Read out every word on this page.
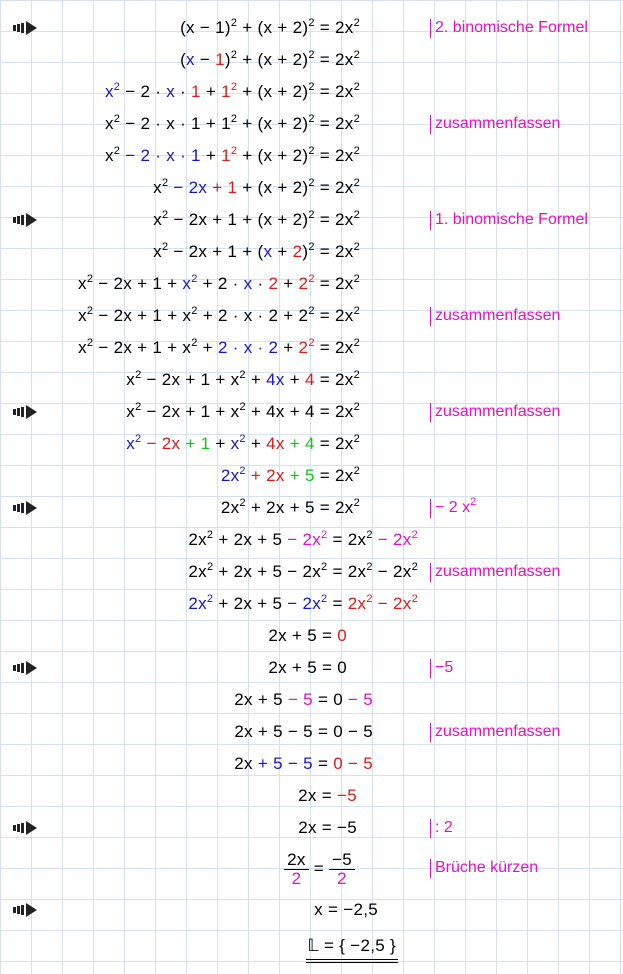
$(x - 1)^2 + (x + 2)^2 = 2x^2$	2. binomische Formel
$(x - 1)^2 + (x + 2)^2 = 2x^2$
$x^2 - 2 \cdot x \cdot 1 + 1^2 + (x + 2)^2 = 2x^2$
$x^2 - 2 \cdot x \cdot 1 + 1^2 + (x + 2)^2 = 2x^2$	zusammenfassen
$x^2 - 2 \cdot x \cdot 1 + 1^2 + (x + 2)^2 = 2x^2$
$x^2 - 2x + 1 + (x + 2)^2 = 2x^2$
$x^2 - 2x + 1 + (x + 2)^2 = 2x^2$	1. binomische Formel
$x^2 - 2x + 1 + (x + 2)^2 = 2x^2$
$x^2 - 2x + 1 + x^2 + 2 \cdot x \cdot 2 + 2^2 = 2x^2$
$x^2 - 2x + 1 + x^2 + 2 \cdot x \cdot 2 + 2^2 = 2x^2$	zusammenfassen
$x^2 - 2x + 1 + x^2 + 2 \cdot x \cdot 2 + 2^2 = 2x^2$
$x^2 - 2x + 1 + x^2 + 4x + 4 = 2x^2$
$x^2 - 2x + 1 + x^2 + 4x + 4 = 2x^2$	zusammenfassen
$x^2 - 2x + 1 + x^2 + 4x + 4 = 2x^2$
$2x^2 + 2x + 5 = 2x^2$
$2x^2 + 2x + 5 = 2x^2$	− 2 $x^2$
$2x^2 + 2x + 5 - 2x^2 = 2x^2 - 2x^2$
$2x^2 + 2x + 5 - 2x^2 = 2x^2 - 2x^2$	zusammenfassen
$2x^2 + 2x + 5 - 2x^2 = 2x^2 - 2x^2$
2x + 5 = 0
2x + 5 = 0	−5
2x + 5 − 5 = 0 − 5
2x + 5 − 5 = 0 − 5	zusammenfassen
2x + 5 − 5 = 0 − 5
2x = −5
2x = −5	: 2
$\frac{2x}{2} = \frac{-5}{2}$	Brüche kürzen
x = −2,5
𝕃 = { −2,5 }
